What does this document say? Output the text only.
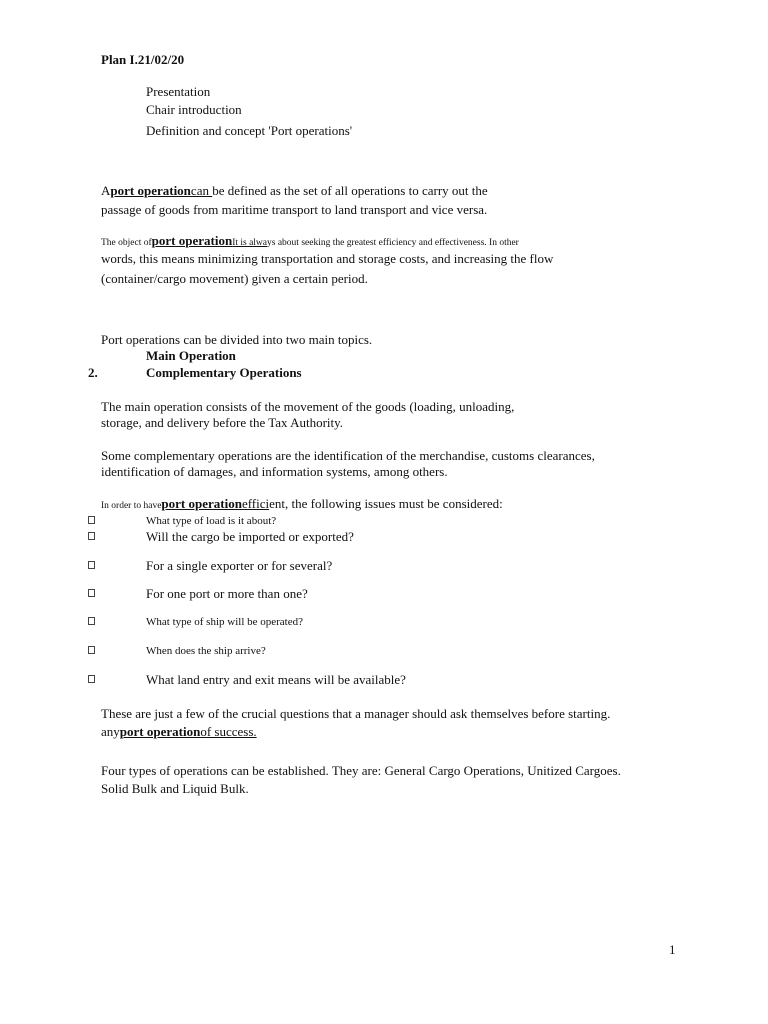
Plan I.21/02/20
Presentation
Chair introduction
Definition and concept 'Port operations'
Aport operationcan be defined as the set of all operations to carry out the
passage of goods from maritime transport to land transport and vice versa.
The object ofport operationIt is always about seeking the greatest efficiency and effectiveness. In other
words, this means minimizing transportation and storage costs, and increasing the flow
(container/cargo movement) given a certain period.
Port operations can be divided into two main topics.
Main Operation
2.	Complementary Operations
The main operation consists of the movement of the goods (loading, unloading,
storage, and delivery before the Tax Authority.
Some complementary operations are the identification of the merchandise, customs clearances,
identification of damages, and information systems, among others.
In order to haveport operationefficient, the following issues must be considered:
What type of load is it about?
Will the cargo be imported or exported?
For a single exporter or for several?
For one port or more than one?
What type of ship will be operated?
When does the ship arrive?
What land entry and exit means will be available?
These are just a few of the crucial questions that a manager should ask themselves before starting.
anyport operationof success.
Four types of operations can be established. They are: General Cargo Operations, Unitized Cargoes.
Solid Bulk and Liquid Bulk.
1
